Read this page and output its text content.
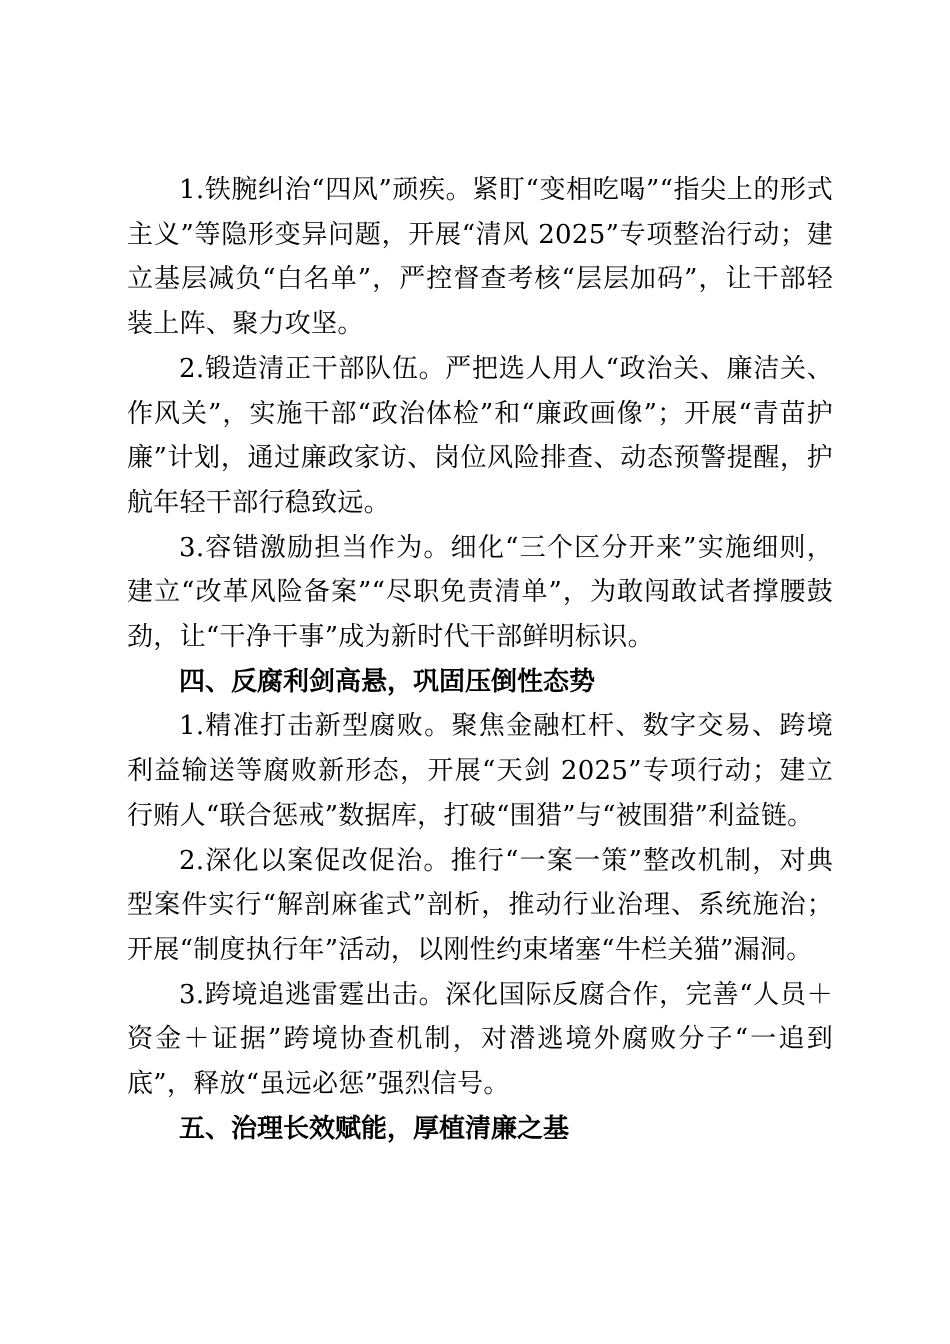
1.铁腕纠治“四风”顽疾。紧盯“变相吃喝”“指尖上的形式主义”等隐形变异问题，开展“清风 2025”专项整治行动；建立基层减负“白名单”，严控督查考核“层层加码”，让干部轻装上阵、聚力攻坚。

2.锻造清正干部队伍。严把选人用人“政治关、廉洁关、作风关”，实施干部“政治体检”和“廉政画像”；开展“青苗护廉”计划，通过廉政家访、岗位风险排查、动态预警提醒，护航年轻干部行稳致远。

3.容错激励担当作为。细化“三个区分开来”实施细则，建立“改革风险备案”“尽职免责清单”，为敢闯敢试者撑腰鼓劲，让“干净干事”成为新时代干部鲜明标识。

四、反腐利剑高悬，巩固压倒性态势

1.精准打击新型腐败。聚焦金融杠杆、数字交易、跨境利益输送等腐败新形态，开展“天剑 2025”专项行动；建立行贿人“联合惩戒”数据库，打破“围猎”与“被围猎”利益链。

2.深化以案促改促治。推行“一案一策”整改机制，对典型案件实行“解剖麻雀式”剖析，推动行业治理、系统施治；开展“制度执行年”活动，以刚性约束堵塞“牛栏关猫”漏洞。

3.跨境追逃雷霆出击。深化国际反腐合作，完善“人员＋资金＋证据”跨境协查机制，对潜逃境外腐败分子“一追到底”，释放“虽远必惩”强烈信号。

五、治理长效赋能，厚植清廉之基
